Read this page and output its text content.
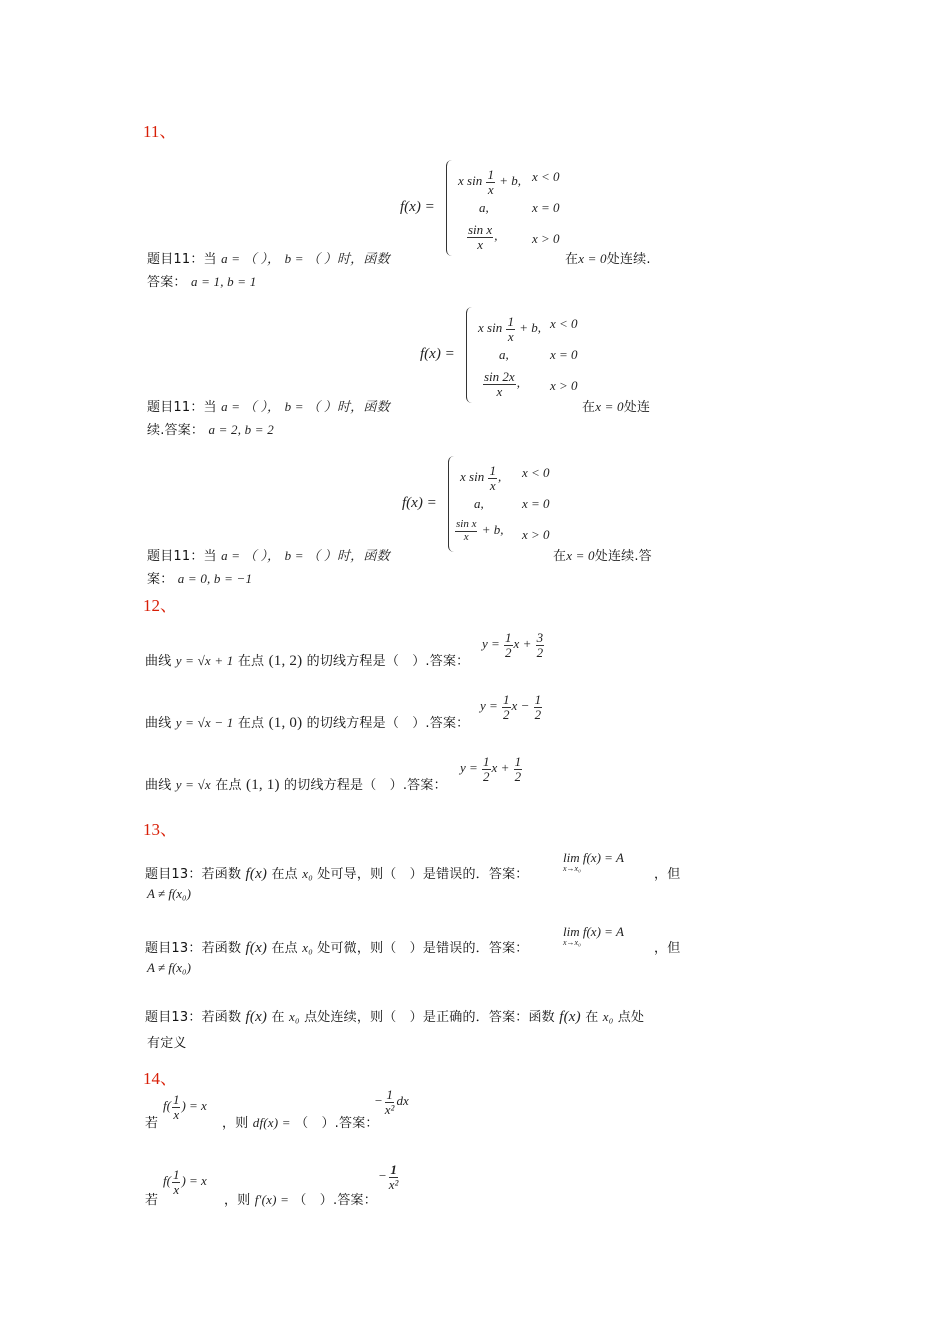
11、
12、
13、
14、
f(x) =
x $\sin \frac{1}{x} + b$, x < 0
a,	x = 0
$\frac{\text{sin x}}{x}$ ,	x > 0
题目11：当 a = （ ）， b = （ ）时，函数	在x = 0处连续.
答案： a = 1, b = 1
f(x) =
x $\sin \frac{1}{x} + b$, x < 0
a,	x = 0
$\frac{\sin 2x}{x}$ , x > 0
题目11：当 a = （ ）， b = （ ）时，函数	在x = 0处连
续.答案： a = 2, b = 2
f(x) =
x $\sin \frac{1}{x}$ , x < 0
a,	x = 0
$\frac{\text{sin x}}{x} + b$, x > 0
题目11：当 a = （ ）， b = （ ）时，函数	在x = 0处连续.答
案： a = 0, b = −1
曲线 y = √x + 1 在点 (1, 2) 的切线方程是（　）.答案：
$y = \frac{1}{2}$ $x + \frac{3}{2}$
曲线 y = √x − 1 在点 (1, 0) 的切线方程是（　）.答案：
$y = \frac{1}{2}$ $x - \frac{1}{2}$
曲线 y = √x 在点 (1, 1) 的切线方程是（　）.答案：
$y = \frac{1}{2}$ $x + \frac{1}{2}$
题目13：若函数 f(x) 在点 x₀ 处可导，则（　）是错误的．答案：
lim f(x) = A
x→x₀	，但
A ≠ f(x₀)
题目13：若函数 f(x) 在点 x₀ 处可微，则（　）是错误的．答案：
lim f(x) = A
x→x₀	，但
A ≠ f(x₀)
题目13：若函数 f(x) 在 x₀ 点处连续，则（　）是正确的．答案：函数 f(x) 在 x₀ 点处
有定义
若
$f( \frac{1}{x}$ ) = x
，则 df(x) = （　）.答案：
− $\frac{1}{\text{x²}}$ dx
若
$f( \frac{1}{x}$ ) = x
，则 f′(x) = （　）.答案：
− $\frac{1}{\text{x²}}$
